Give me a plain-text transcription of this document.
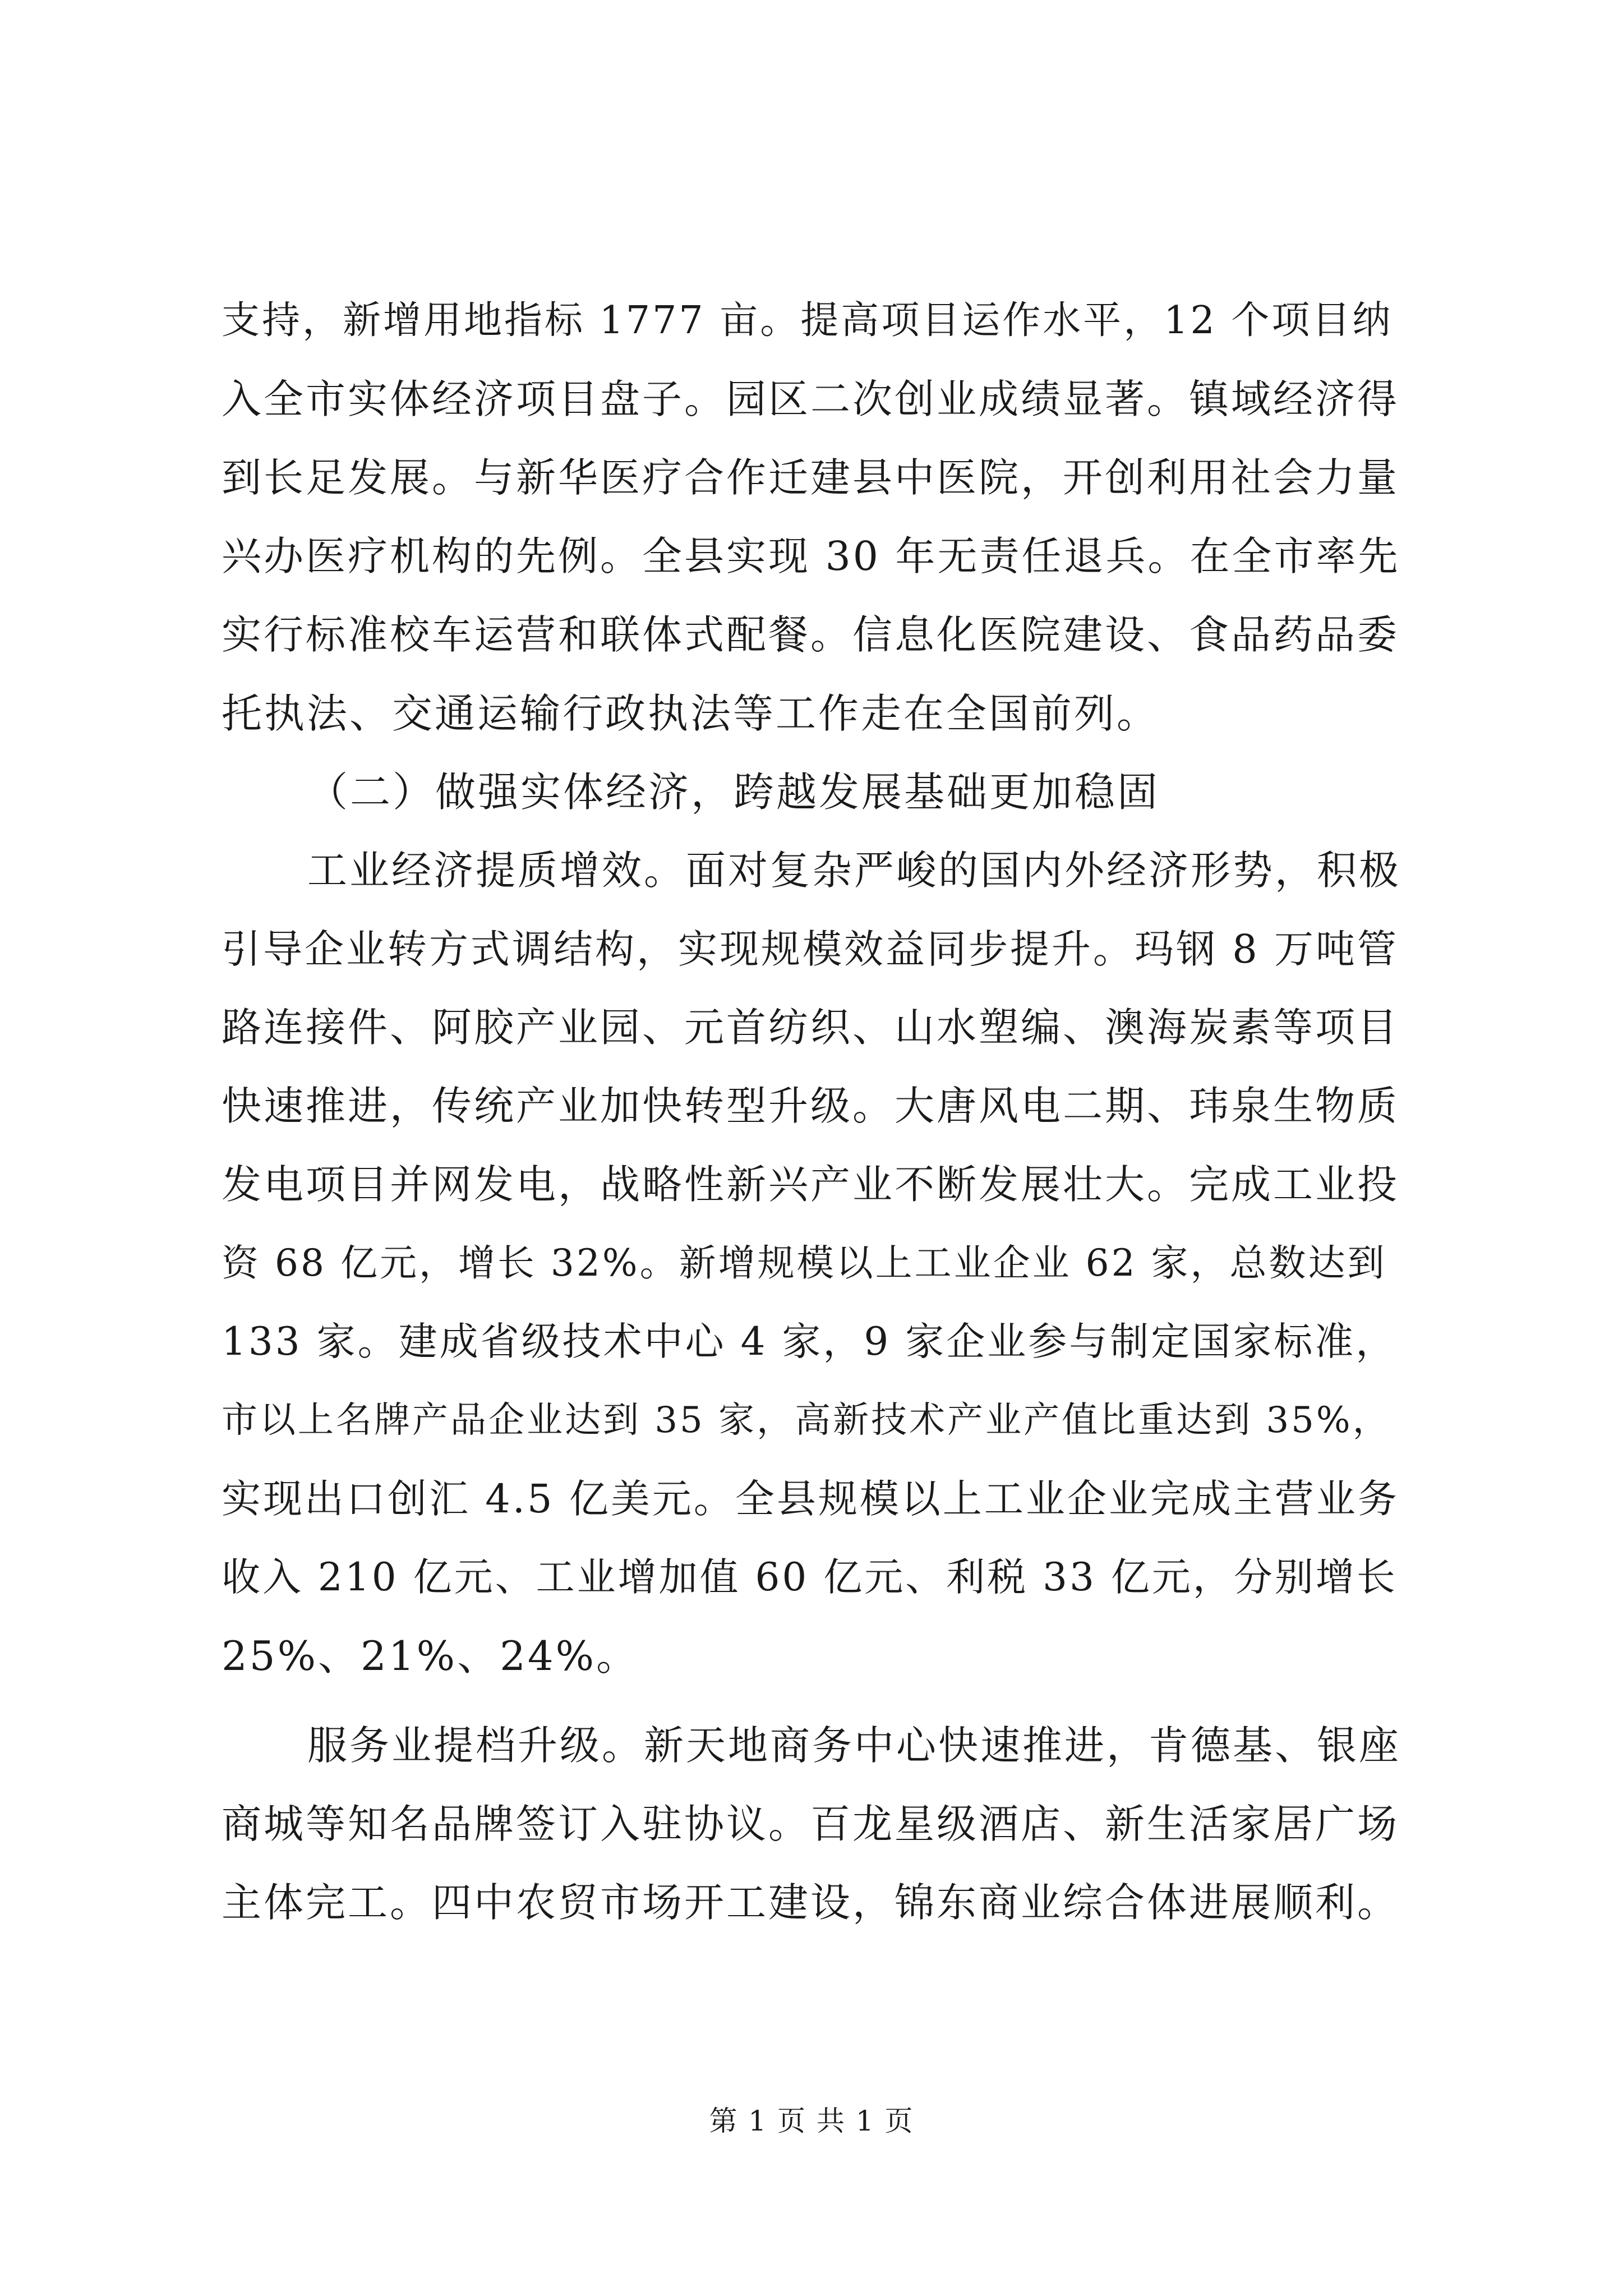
支持，新增用地指标 1777 亩。提高项目运作水平，12 个项目纳
入全市实体经济项目盘子。园区二次创业成绩显著。镇域经济得
到长足发展。与新华医疗合作迁建县中医院，开创利用社会力量
兴办医疗机构的先例。全县实现 30 年无责任退兵。在全市率先
实行标准校车运营和联体式配餐。信息化医院建设、食品药品委
托执法、交通运输行政执法等工作走在全国前列。
（二）做强实体经济，跨越发展基础更加稳固
工业经济提质增效。面对复杂严峻的国内外经济形势，积极
引导企业转方式调结构，实现规模效益同步提升。玛钢 8 万吨管
路连接件、阿胶产业园、元首纺织、山水塑编、澳海炭素等项目
快速推进，传统产业加快转型升级。大唐风电二期、玮泉生物质
发电项目并网发电，战略性新兴产业不断发展壮大。完成工业投
资 68 亿元，增长 32%。新增规模以上工业企业 62 家，总数达到
133 家。建成省级技术中心 4 家，9 家企业参与制定国家标准，
市以上名牌产品企业达到 35 家，高新技术产业产值比重达到 35%，
实现出口创汇 4.5 亿美元。全县规模以上工业企业完成主营业务
收入 210 亿元、工业增加值 60 亿元、利税 33 亿元，分别增长
25%、21%、24%。
服务业提档升级。新天地商务中心快速推进，肯德基、银座
商城等知名品牌签订入驻协议。百龙星级酒店、新生活家居广场
主体完工。四中农贸市场开工建设，锦东商业综合体进展顺利。
第 1 页 共 1 页
